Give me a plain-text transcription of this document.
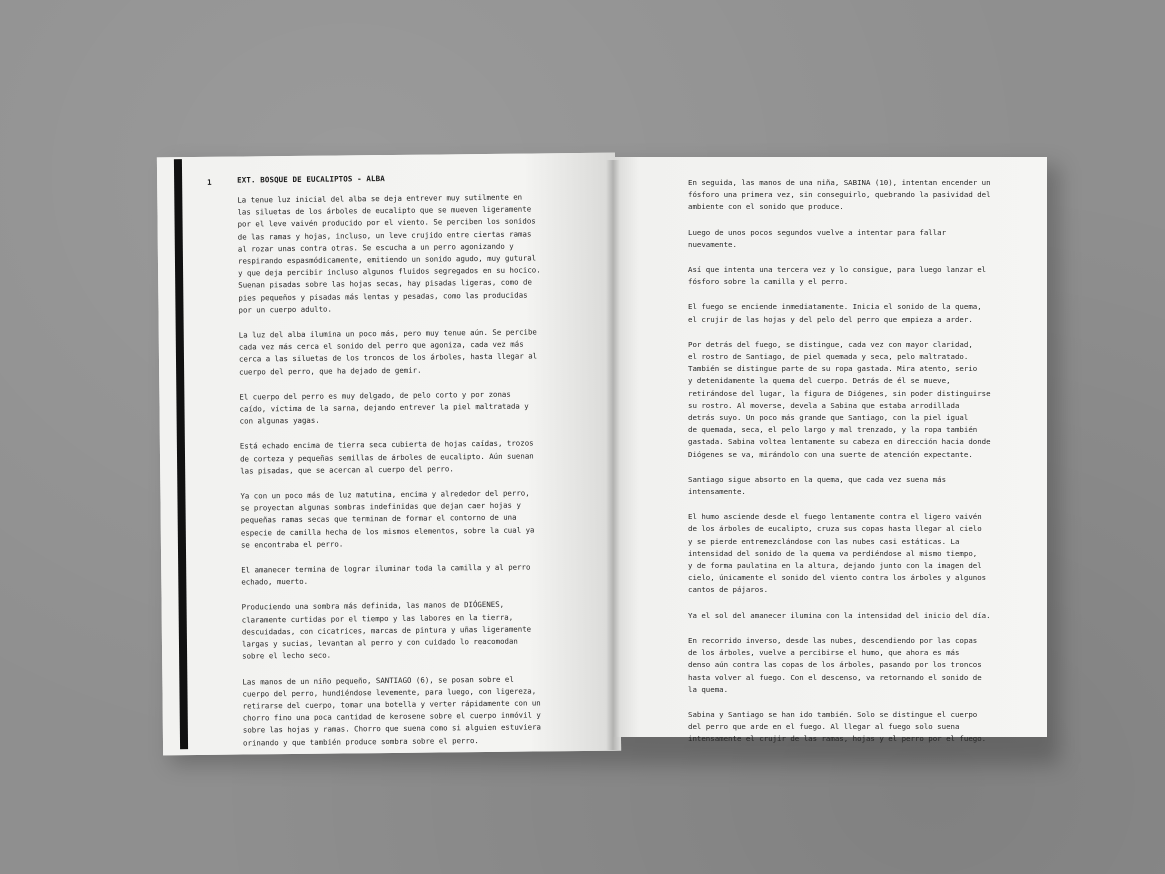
1	EXT. BOSQUE DE EUCALIPTOS - ALBA

La tenue luz inicial del alba se deja entrever muy sutilmente en
las siluetas de los árboles de eucalipto que se mueven ligeramente
por el leve vaivén producido por el viento. Se perciben los sonidos
de las ramas y hojas, incluso, un leve crujido entre ciertas ramas
al rozar unas contra otras. Se escucha a un perro agonizando y
respirando espasmódicamente, emitiendo un sonido agudo, muy gutural
y que deja percibir incluso algunos fluidos segregados en su hocico.
Suenan pisadas sobre las hojas secas, hay pisadas ligeras, como de
pies pequeños y pisadas más lentas y pesadas, como las producidas
por un cuerpo adulto.

La luz del alba ilumina un poco más, pero muy tenue aún. Se percibe
cada vez más cerca el sonido del perro que agoniza, cada vez más
cerca a las siluetas de los troncos de los árboles, hasta llegar al
cuerpo del perro, que ha dejado de gemir.

El cuerpo del perro es muy delgado, de pelo corto y por zonas
caído, víctima de la sarna, dejando entrever la piel maltratada y
con algunas yagas.

Está echado encima de tierra seca cubierta de hojas caídas, trozos
de corteza y pequeñas semillas de árboles de eucalipto. Aún suenan
las pisadas, que se acercan al cuerpo del perro.

Ya con un poco más de luz matutina, encima y alrededor del perro,
se proyectan algunas sombras indefinidas que dejan caer hojas y
pequeñas ramas secas que terminan de formar el contorno de una
especie de camilla hecha de los mismos elementos, sobre la cual ya
se encontraba el perro.

El amanecer termina de lograr iluminar toda la camilla y al perro
echado, muerto.

Produciendo una sombra más definida, las manos de DIÓGENES,
claramente curtidas por el tiempo y las labores en la tierra,
descuidadas, con cicatrices, marcas de pintura y uñas ligeramente
largas y sucias, levantan al perro y con cuidado lo reacomodan
sobre el lecho seco.

Las manos de un niño pequeño, SANTIAGO (6), se posan sobre el
cuerpo del perro, hundiéndose levemente, para luego, con ligereza,
retirarse del cuerpo, tomar una botella y verter rápidamente con un
chorro fino una poca cantidad de kerosene sobre el cuerpo inmóvil y
sobre las hojas y ramas. Chorro que suena como si alguien estuviera
orinando y que también produce sombra sobre el perro.

En seguida, las manos de una niña, SABINA (10), intentan encender un
fósforo una primera vez, sin conseguirlo, quebrando la pasividad del
ambiente con el sonido que produce.

Luego de unos pocos segundos vuelve a intentar para fallar
nuevamente.

Así que intenta una tercera vez y lo consigue, para luego lanzar el
fósforo sobre la camilla y el perro.

El fuego se enciende inmediatamente. Inicia el sonido de la quema,
el crujir de las hojas y del pelo del perro que empieza a arder.

Por detrás del fuego, se distingue, cada vez con mayor claridad,
el rostro de Santiago, de piel quemada y seca, pelo maltratado.
También se distingue parte de su ropa gastada. Mira atento, serio
y detenidamente la quema del cuerpo. Detrás de él se mueve,
retirándose del lugar, la figura de Diógenes, sin poder distinguirse
su rostro. Al moverse, devela a Sabina que estaba arrodillada
detrás suyo. Un poco más grande que Santiago, con la piel igual
de quemada, seca, el pelo largo y mal trenzado, y la ropa también
gastada. Sabina voltea lentamente su cabeza en dirección hacia donde
Diógenes se va, mirándolo con una suerte de atención expectante.

Santiago sigue absorto en la quema, que cada vez suena más
intensamente.

El humo asciende desde el fuego lentamente contra el ligero vaivén
de los árboles de eucalipto, cruza sus copas hasta llegar al cielo
y se pierde entremezclándose con las nubes casi estáticas. La
intensidad del sonido de la quema va perdiéndose al mismo tiempo,
y de forma paulatina en la altura, dejando junto con la imagen del
cielo, únicamente el sonido del viento contra los árboles y algunos
cantos de pájaros.

Ya el sol del amanecer ilumina con la intensidad del inicio del día.

En recorrido inverso, desde las nubes, descendiendo por las copas
de los árboles, vuelve a percibirse el humo, que ahora es más
denso aún contra las copas de los árboles, pasando por los troncos
hasta volver al fuego. Con el descenso, va retornando el sonido de
la quema.

Sabina y Santiago se han ido también. Solo se distingue el cuerpo
del perro que arde en el fuego. Al llegar al fuego solo suena
intensamente el crujir de las ramas, hojas y el perro por el fuego.
